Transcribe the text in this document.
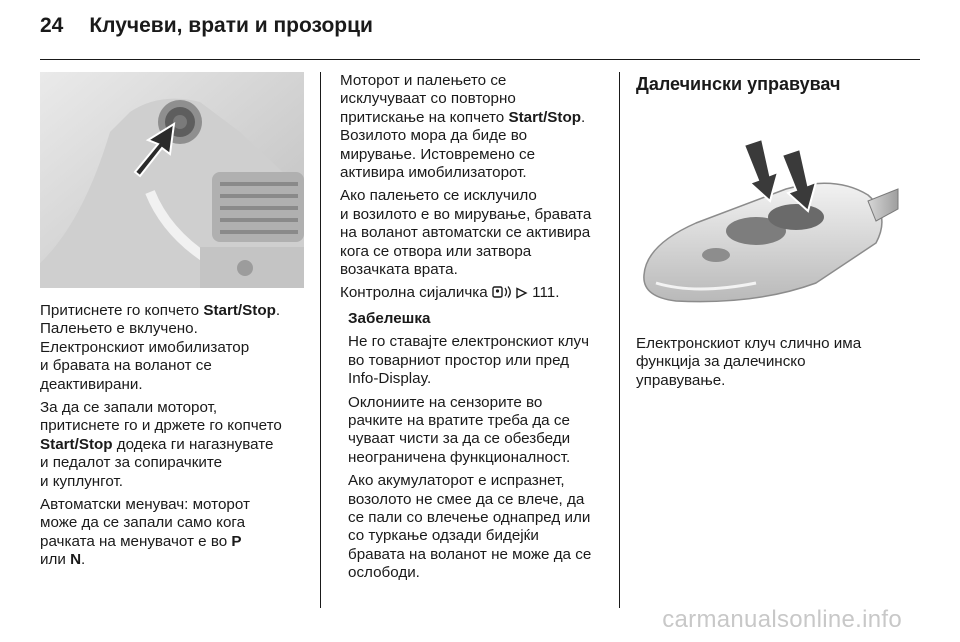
24 Клучеви, врати и прозорци

Притиснете го копчето Start/Stop.
Палењето е вклучено.
Електронскиот имобилизатор
и бравата на воланот се
деактивирани.

За да се запали моторот,
притиснете го и држете го копчето
Start/Stop додека ги нагазнувате
и педалот за сопирачките
и куплунгот.

Автоматски менувач: моторот
може да се запали само кога
рачката на менувачот е во P
или N.

Моторот и палењето се
исклучуваат со повторно
притискање на копчето Start/Stop.
Возилото мора да биде во
мирување. Истовремено се
активира имобилизаторот.

Ако палењето се исклучило
и возилото е во мирување, бравата
на воланот автоматски се активира
кога се отвора или затвора
возачката врата.

Контролна сијаличка  111.

Забелешка

Не го ставајте електронскиот клуч
во товарниот простор или пред
Info-Display.

Оклониите на сензорите во
рачките на вратите треба да се
чуваат чисти за да се обезбеди
неограничена функционалност.

Ако акумулаторот е испразнет,
возолото не смее да се влече, да
се пали со влечење однапред или
со туркање одзади бидејќи
бравата на воланот не може да се
ослободи.

Далечински управувач

Електронскиот клуч слично има
функција за далечинско
управување.

carmanualsonline.info
